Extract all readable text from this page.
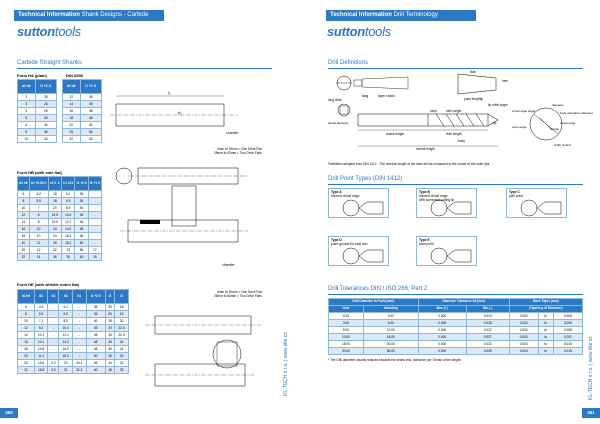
Technical Information Shank Designs - Carbide
suttontools
Carbide Straight Shanks
Form HA (plain)	DIN 6535
d1 h6	l1 +2 -0
2	28
3	28
4	28
5	28
6	36
8	36
10	40
d1 h6	l1 +2 -0
12	45
14	45
16	48
18	48
20	50
25	56
32	60
l₁
d₁
chamfer
Form HB (with side flat)
6mm to 20mm = One Drive Flat
25mm to 63mm = Two Drive Flats
d1 h6	b1 +0.05 0	e1 0 -1	h1 h11	l1 +2 0	l2 +1 0
6	4.2	18	5.1	36	-
8	5.5	18	6.9	36	-
10	7	20	8.9	40	-
12	8	22.5	10.4	45	-
14	8	22.5	12.7	45	-
16	10	24	14.2	48	-
18	10	24	16.2	48	-
20	11	25	18.2	50	-
25	12	32	23	56	17
32	14	36	30	60	19
chamfer
Form HE (with whistle notch flat)
6mm to 20mm = One Drive Flat
25mm to 63mm = Two Drive Flats
d1 h6	d2	h2	h3	h1	l1 +2 0	l2	l3
6	4.3	-	5.1	-	36	25	18
8	5.9	-	6.9	-	36	25	18
10	7.1	-	8.5	-	40	28	20
12	8.2	-	10.4	-	45	33	22.5
14	10.1	-	12.2	-	45	33	22.5
16	10.1	-	14.2	-	48	36	24
18	10.8	-	16.2	-	48	36	24
20	11.4	-	18.2	-	50	38	25
25	13.6	9.3	23	24.1	56	44	32
32	15.8	9.9	30	31.2	60	48	35	KL-TECH s.r.o. | www.klte.cz
460
Technical Information Drill Terminology
suttontools
Drill Definitions
tang	taper shank
long drive
shank diameter
neck	helix angle
shank length	flute length
body
overall length
flute
point length
heel
lip relief angle
tip
lip
diameter
body clearance diameter
chisel edge angle
point angle
chisel edge
width of land
margin
*Definition adopted from DIN 1412 - The nominal length of the twist drill as measured to the corner of the outer lips.
Drill Point Types (DIN 1412)
Type A
thinned chisel edge
Type B
thinned chisel edge
with corrected cutting lip
Type C
split point
Type D
point ground for cast iron
Type E
brad point
Drill Tolerances DIN / ISO 286, Part 2
Drill Diameter in Point (mm)		Diameter Tolerance h8 (mm)		Back Taper (mm)		
Over	Including	Max (+)	Min (-)	(Tapering of Diameter)		
0.20	3.00	0.000	0.014	0.002	to	0.008
3.00	6.00	0.000	0.018	0.002	to	0.008
6.00	10.00	0.000	0.022	0.002	to	0.008
10.00	18.00	0.000	0.027	0.003	to	0.011
18.00	30.00	0.000	0.033	0.004	to	0.015
30.00	50.00	0.000	0.039	0.004	to	0.015
* The Drill diameter usually reduces towards the shank end, tolerance per 'Sense of the length'.	KL-TECH s.r.o. | www.klte.cz
461
